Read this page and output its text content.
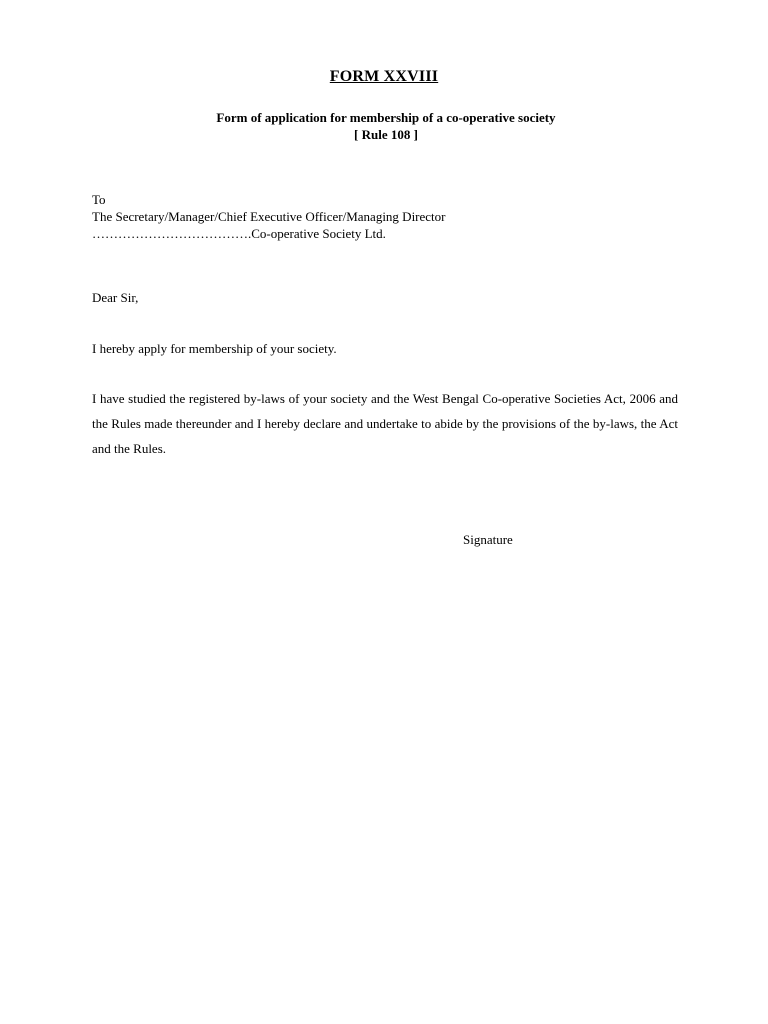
FORM XXVIII
Form of application for membership of a co-operative society
[ Rule 108 ]
To
The Secretary/Manager/Chief Executive Officer/Managing Director
……………………………….Co-operative Society Ltd.
Dear Sir,
I hereby apply for membership of your society.
I have studied the registered by-laws of your society and the West Bengal Co-operative Societies Act, 2006 and the Rules made thereunder and I hereby declare and undertake to abide by the provisions of the by-laws, the Act and the Rules.
Signature
